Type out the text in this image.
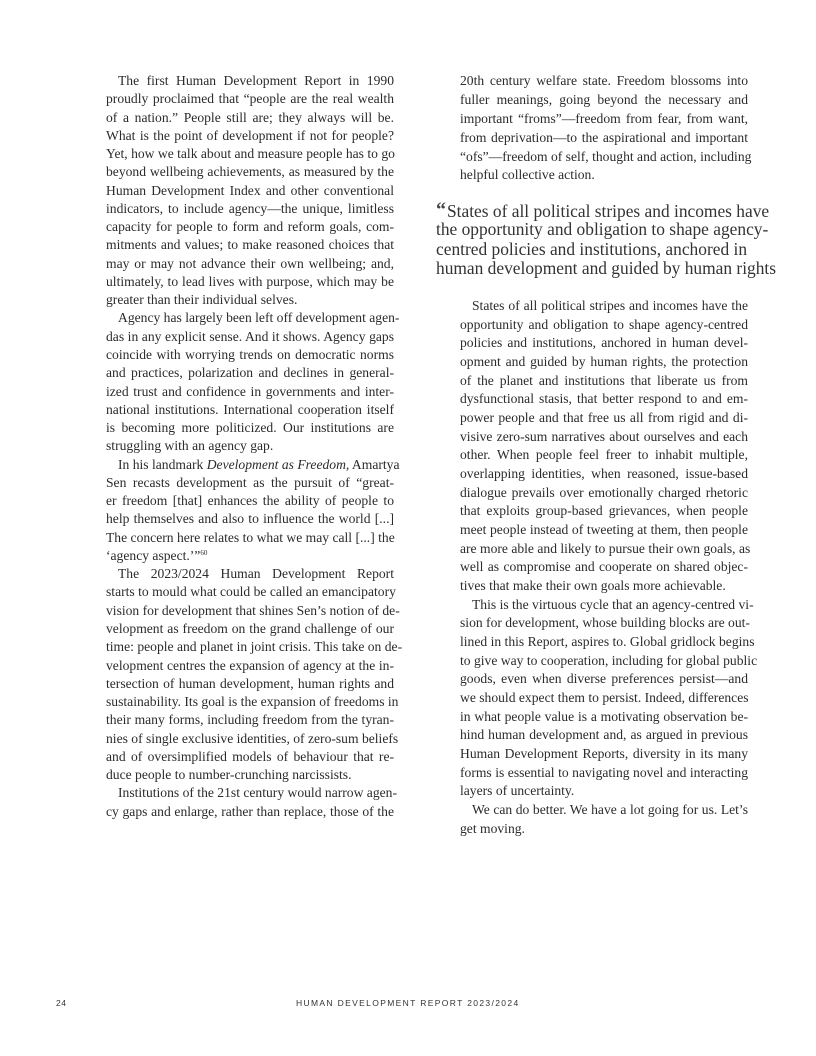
The first Human Development Report in 1990
proudly proclaimed that “people are the real wealth
of a nation.” People still are; they always will be.
What is the point of development if not for people?
Yet, how we talk about and measure people has to go
beyond wellbeing achievements, as measured by the
Human Development Index and other conventional
indicators, to include agency—the unique, limitless
capacity for people to form and reform goals, com-
mitments and values; to make reasoned choices that
may or may not advance their own wellbeing; and,
ultimately, to lead lives with purpose, which may be
greater than their individual selves.
Agency has largely been left off development agen-
das in any explicit sense. And it shows. Agency gaps
coincide with worrying trends on democratic norms
and practices, polarization and declines in general-
ized trust and confidence in governments and inter-
national institutions. International cooperation itself
is becoming more politicized. Our institutions are
struggling with an agency gap.
In his landmark Development as Freedom, Amartya
Sen recasts development as the pursuit of “great-
er freedom [that] enhances the ability of people to
help themselves and also to influence the world [...]
The concern here relates to what we may call [...] the
‘agency aspect.’”$^{60}$
The 2023/2024 Human Development Report
starts to mould what could be called an emancipatory
vision for development that shines Sen’s notion of de-
velopment as freedom on the grand challenge of our
time: people and planet in joint crisis. This take on de-
velopment centres the expansion of agency at the in-
tersection of human development, human rights and
sustainability. Its goal is the expansion of freedoms in
their many forms, including freedom from the tyran-
nies of single exclusive identities, of zero-sum beliefs
and of oversimplified models of behaviour that re-
duce people to number-crunching narcissists.
Institutions of the 21st century would narrow agen-
cy gaps and enlarge, rather than replace, those of the
20th century welfare state. Freedom blossoms into
fuller meanings, going beyond the necessary and
important “froms”—freedom from fear, from want,
from deprivation—to the aspirational and important
“ofs”—freedom of self, thought and action, including
helpful collective action.
“States of all political stripes and incomes have
the opportunity and obligation to shape agency-
centred policies and institutions, anchored in
human development and guided by human rights
States of all political stripes and incomes have the
opportunity and obligation to shape agency-centred
policies and institutions, anchored in human devel-
opment and guided by human rights, the protection
of the planet and institutions that liberate us from
dysfunctional stasis, that better respond to and em-
power people and that free us all from rigid and di-
visive zero-sum narratives about ourselves and each
other. When people feel freer to inhabit multiple,
overlapping identities, when reasoned, issue-based
dialogue prevails over emotionally charged rhetoric
that exploits group-based grievances, when people
meet people instead of tweeting at them, then people
are more able and likely to pursue their own goals, as
well as compromise and cooperate on shared objec-
tives that make their own goals more achievable.
This is the virtuous cycle that an agency-centred vi-
sion for development, whose building blocks are out-
lined in this Report, aspires to. Global gridlock begins
to give way to cooperation, including for global public
goods, even when diverse preferences persist—and
we should expect them to persist. Indeed, differences
in what people value is a motivating observation be-
hind human development and, as argued in previous
Human Development Reports, diversity in its many
forms is essential to navigating novel and interacting
layers of uncertainty.
We can do better. We have a lot going for us. Let’s
get moving.
24	HUMAN DEVELOPMENT REPORT 2023/2024
